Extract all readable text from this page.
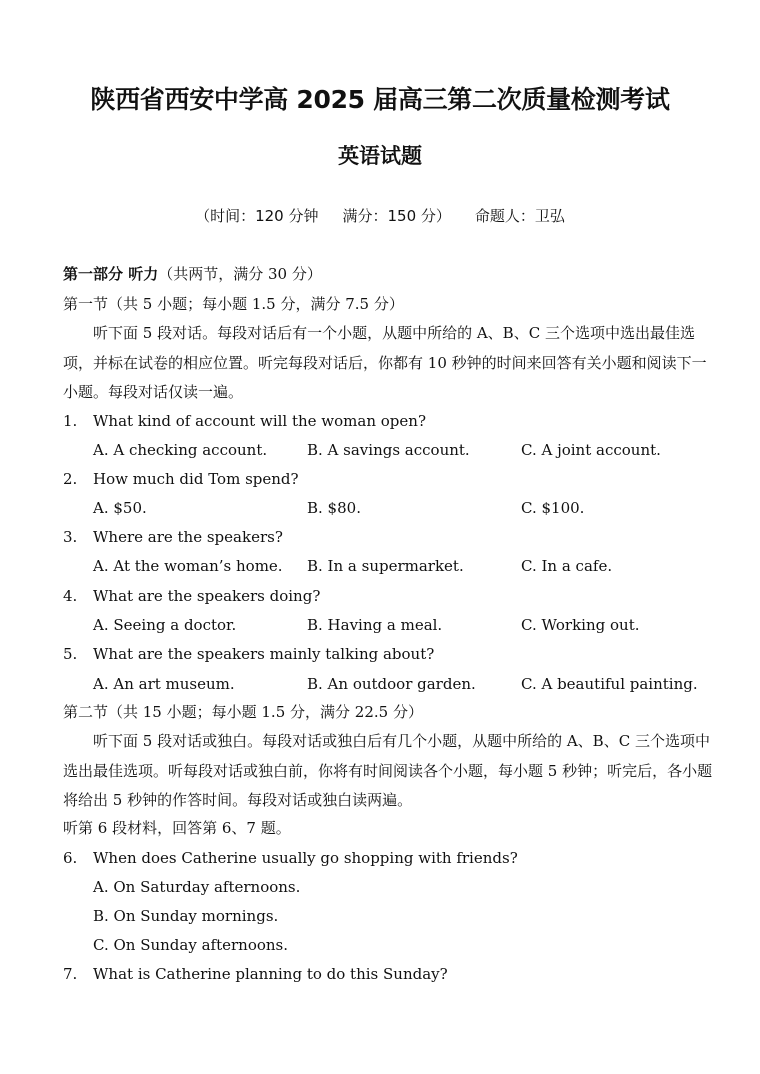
陕西省西安中学高 2025 届高三第二次质量检测考试
英语试题
（时间：120 分钟 满分：150 分） 命题人：卫弘
第一部分 听力（共两节，满分 30 分）
第一节（共 5 小题；每小题 1.5 分，满分 7.5 分）
听下面 5 段对话。每段对话后有一个小题，从题中所给的 A、B、C 三个选项中选出最佳选项，并标在试卷的相应位置。听完每段对话后，你都有 10 秒钟的时间来回答有关小题和阅读下一小题。每段对话仅读一遍。
1. What kind of account will the woman open?
A. A checking account.	B. A savings account.	C. A joint account.
2. How much did Tom spend?
A. $50.	B. $80.	C. $100.
3. Where are the speakers?
A. At the woman’s home. B. In a supermarket.	C. In a cafe.
4. What are the speakers doing?
A. Seeing a doctor.	B. Having a meal.	C. Working out.
5. What are the speakers mainly talking about?
A. An art museum.	B. An outdoor garden.	C. A beautiful painting.
第二节（共 15 小题；每小题 1.5 分，满分 22.5 分）
听下面 5 段对话或独白。每段对话或独白后有几个小题，从题中所给的 A、B、C 三个选项中选出最佳选项。听每段对话或独白前，你将有时间阅读各个小题，每小题 5 秒钟；听完后，各小题将给出 5 秒钟的作答时间。每段对话或独白读两遍。
听第 6 段材料，回答第 6、7 题。
6. When does Catherine usually go shopping with friends?
A. On Saturday afternoons.
B. On Sunday mornings.
C. On Sunday afternoons.
7. What is Catherine planning to do this Sunday?
